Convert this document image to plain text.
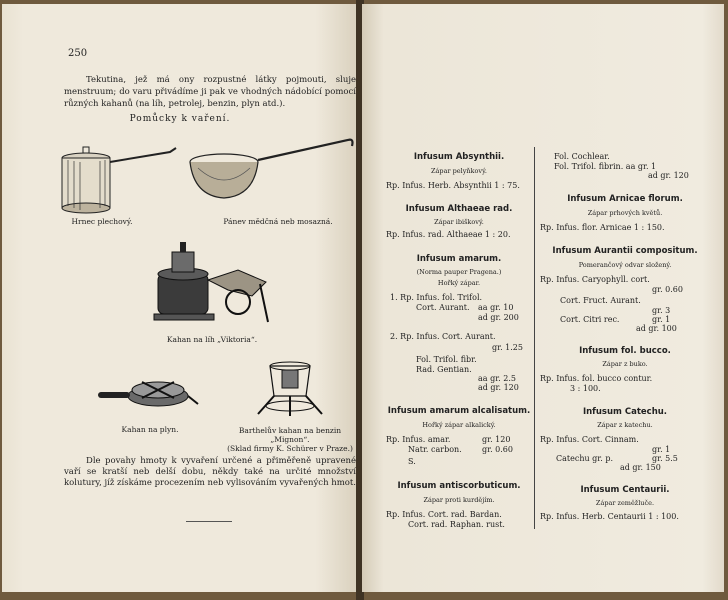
250

Tekutina, jež má ony rozpustné látky pojmouti, sluje menstruum; do varu přivádíme ji pak ve vhodných nádobící pomocí různých kahanů (na líh, petrolej, benzin, plyn atd.).

Pomůcky k vaření.
Hrnec plechový.	Pánev mědčná neb mosazná.
Kahan na líh „Viktoria“.
Kahan na plyn.	Barthelův kahan na benzin
„Mignon“.
(Sklad firmy K. Schürer v Praze.)

Dle povahy hmoty k vyvaření určené a přiměřeně upravené vaří se kratší neb delší dobu, někdy také na určité množství kolutury, jíž získáme procezením neb vylisováním vyvařených hmot.

Infusum Absynthii.
Zápar pelyňkový.
Rp. Infus. Herb. Absynthii 1 : 75.
Infusum Althaeae rad.
Zápar ibiškový.
Rp. Infus. rad. Althaeae 1 : 20.
Infusum amarum.
(Norma pauper Pragena.)
Hořký zápar.
1. Rp. Infus. fol. Trifol.
Cort. Aurant. aa gr. 10
ad gr. 200
2. Rp. Infus. Cort. Aurant.
gr. 1.25
Fol. Trifol. fibr.
Rad. Gentian.
aa gr. 2.5
ad gr. 120
Infusum amarum alcalisatum.
Hořký zápar alkalický.
Rp. Infus. amar.	gr. 120
Natr. carbon.	gr. 0.60
S.
Infusum antiscorbuticum.
Zápar proti kurdějím.
Rp. Infus. Cort. rad. Bardan.
Cort. rad. Raphan. rust.
Fol. Cochlear.
Fol. Trifol. fibrin. aa gr. 1
ad gr. 120
Infusum Arnicae florum.
Zápar prhových květů.
Rp. Infus. flor. Arnicae 1 : 150.
Infusum Aurantii compositum.
Pomerančový odvar složený.
Rp. Infus. Caryophyll. cort.
gr. 0.60
Cort. Fruct. Aurant.
gr. 3
Cort. Citri rec.	gr. 1
ad gr. 100
Infusum fol. bucco.
Zápar z buko.
Rp. Infus. fol. bucco contur.
3 : 100.
Infusum Catechu.
Zápar z katechu.
Rp. Infus. Cort. Cinnam.
gr. 1
Catechu gr. p.	gr. 5.5
ad gr. 150
Infusum Centaurii.
Zápar zeměžluče.
Rp. Infus. Herb. Centaurii 1 : 100.
